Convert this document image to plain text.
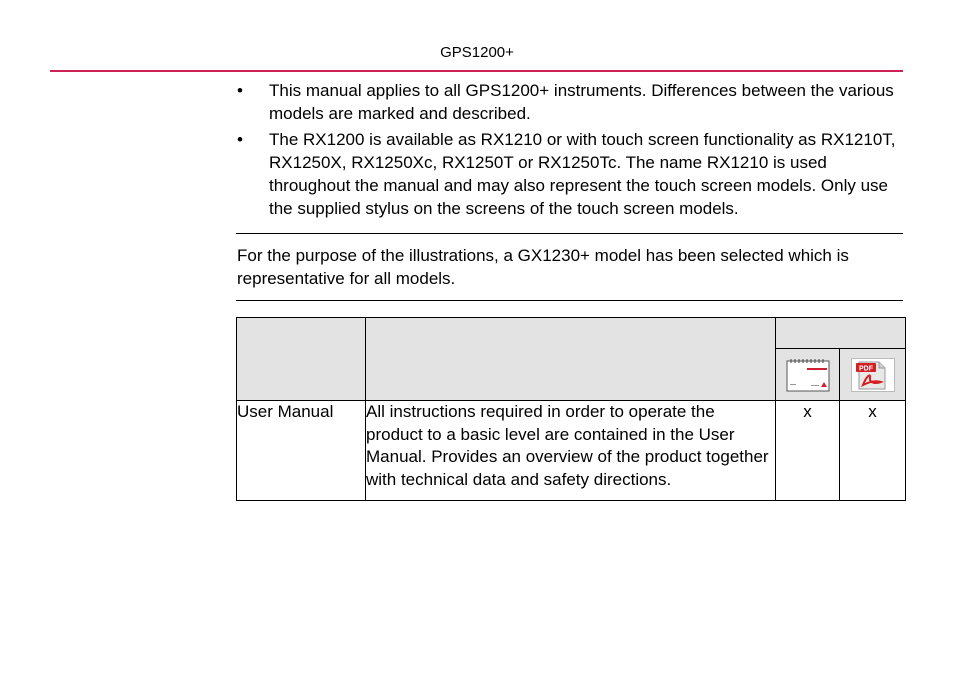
GPS1200+
• This manual applies to all GPS1200+ instruments. Differences between the various models are marked and described.
• The RX1200 is available as RX1210 or with touch screen functionality as RX1210T, RX1250X, RX1250Xc, RX1250T or RX1250Tc. The name RX1210 is used throughout the manual and may also represent the touch screen models. Only use the supplied stylus on the screens of the touch screen models.
For the purpose of the illustrations, a GX1230+ model has been selected which is representative for all models.

PDF

User Manual	All instructions required in order to operate the product to a basic level are contained in the User Manual. Provides an overview of the product together with technical data and safety directions.	x	x
